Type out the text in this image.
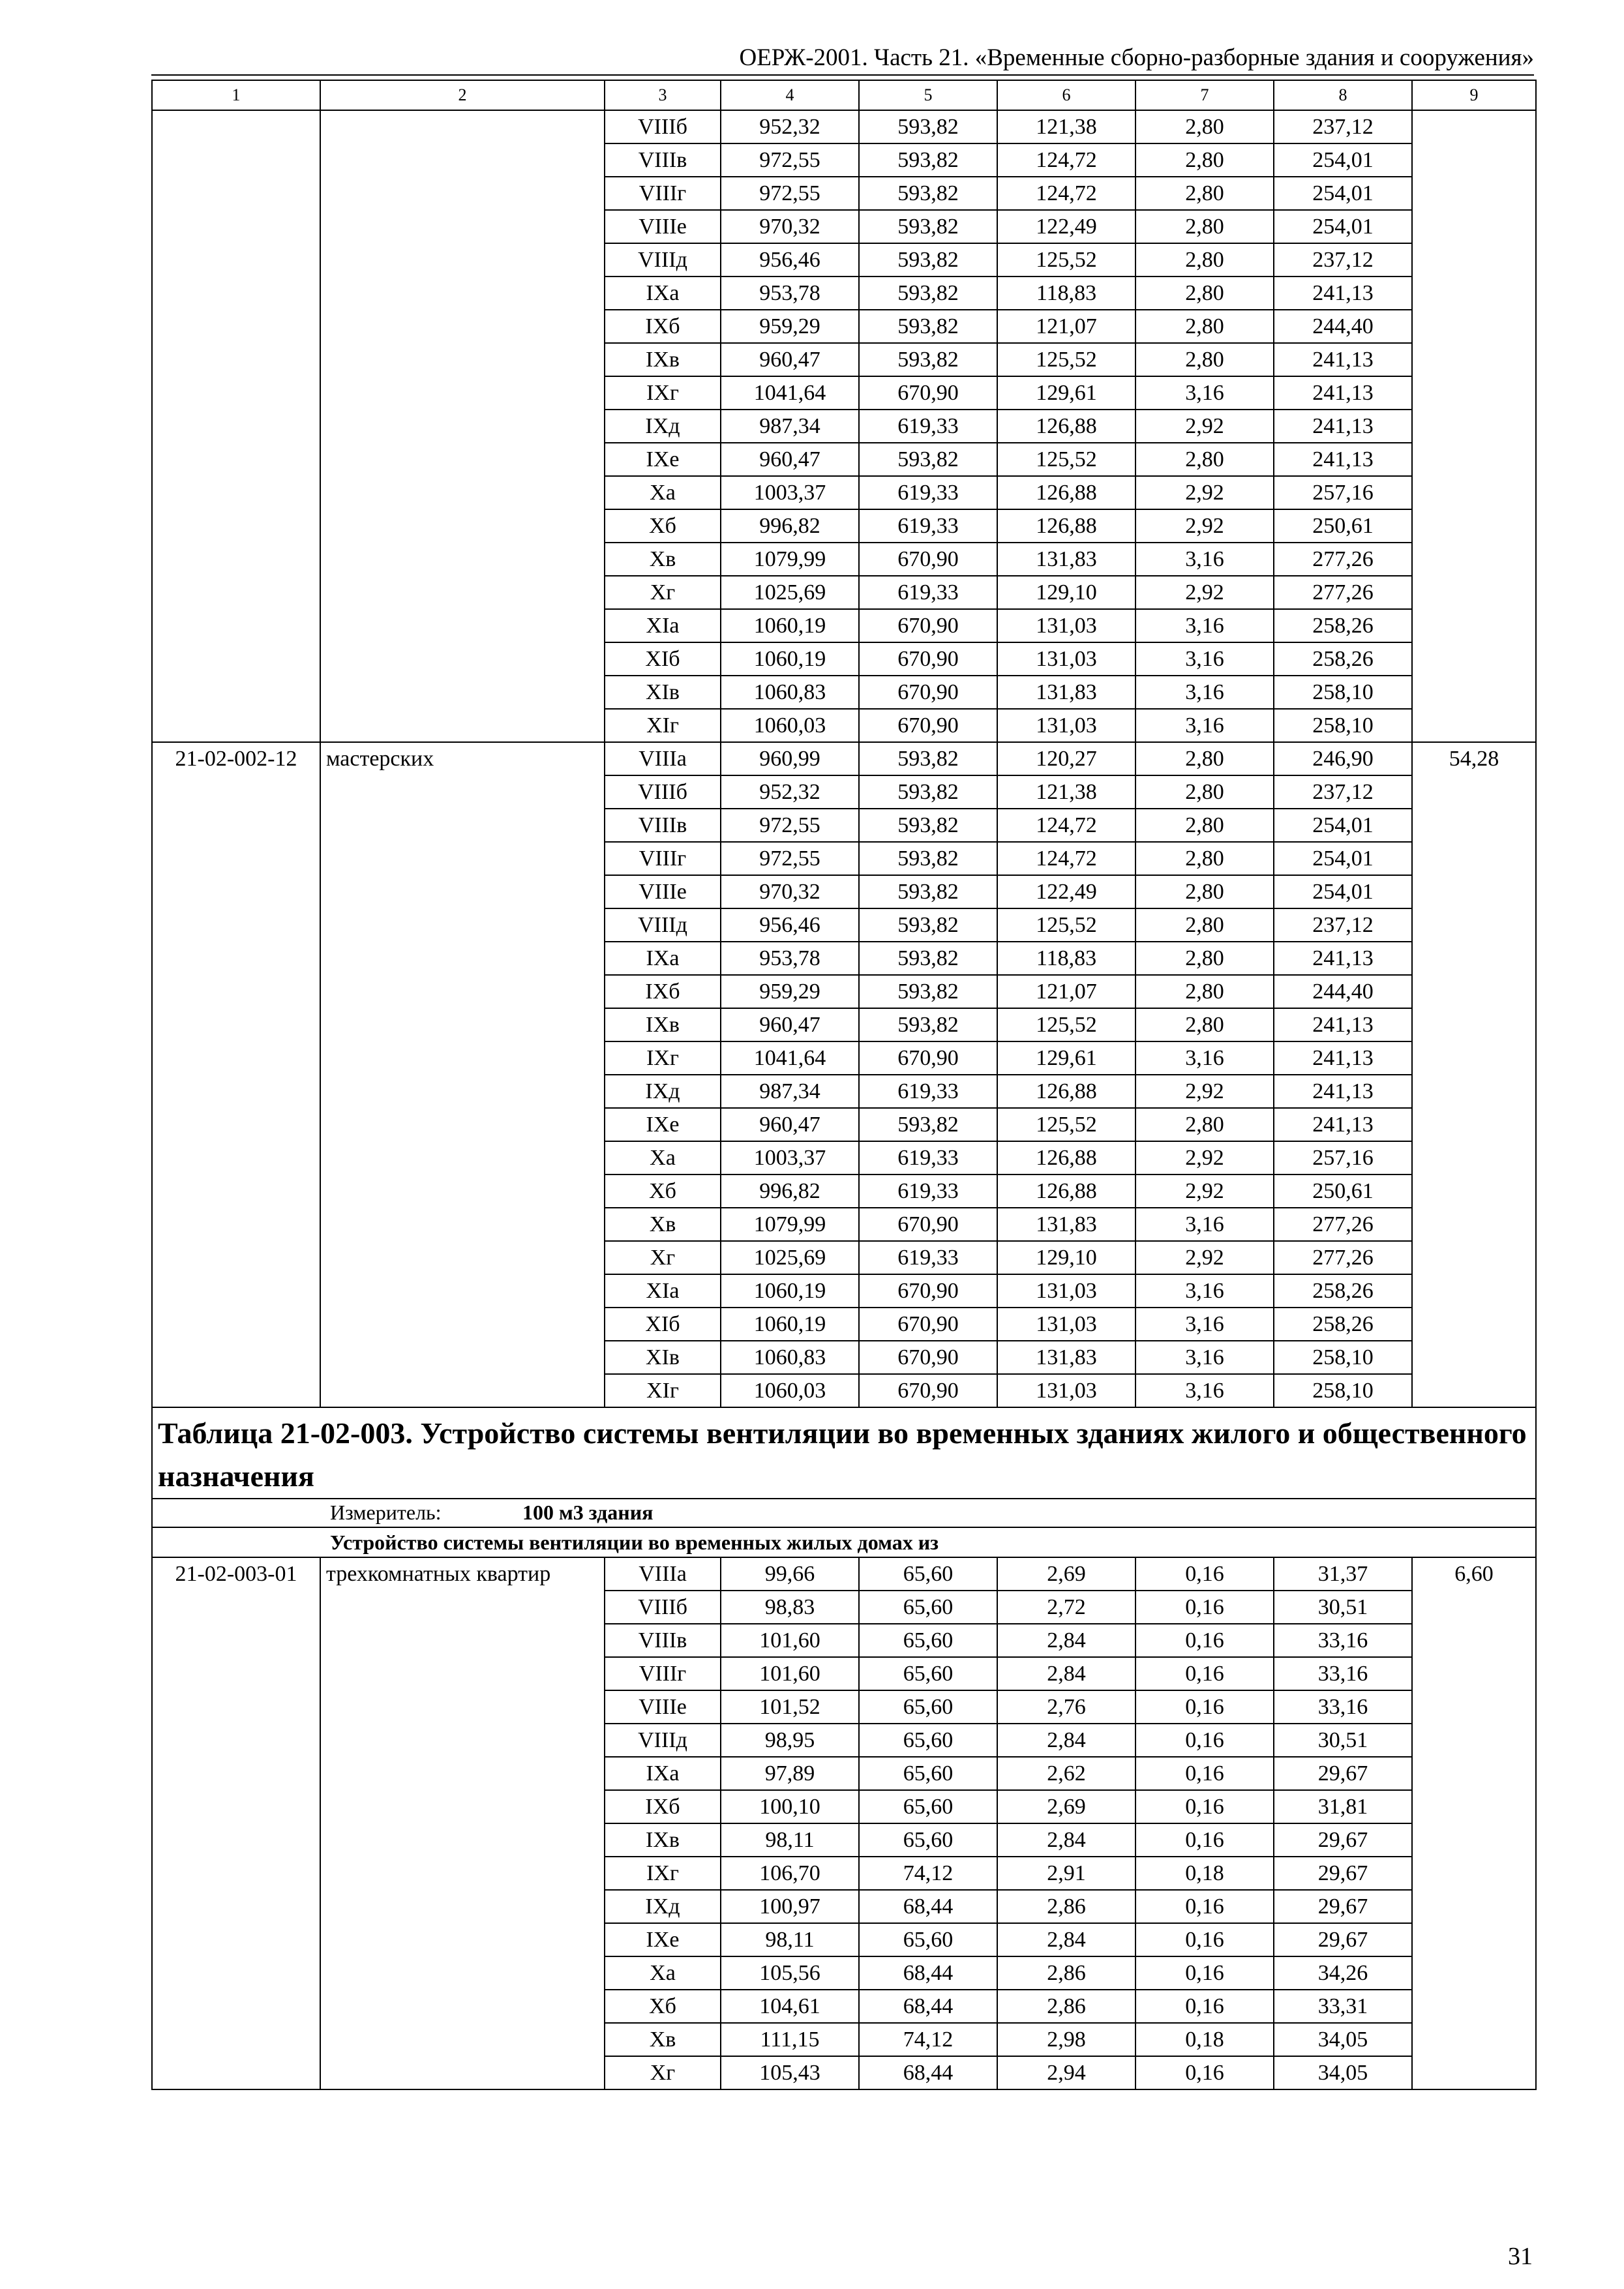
ОЕРЖ-2001. Часть 21. «Временные сборно-разборные здания и сооружения»
1	2	3	4	5	6	7	8	9
		VIIIб	952,32	593,82	121,38	2,80	237,12	
		VIIIв	972,55	593,82	124,72	2,80	254,01	
		VIIIг	972,55	593,82	124,72	2,80	254,01	
		VIIIe	970,32	593,82	122,49	2,80	254,01	
		VIIIд	956,46	593,82	125,52	2,80	237,12	
		IXa	953,78	593,82	118,83	2,80	241,13	
		IXб	959,29	593,82	121,07	2,80	244,40	
		IXв	960,47	593,82	125,52	2,80	241,13	
		IXг	1041,64	670,90	129,61	3,16	241,13	
		IXд	987,34	619,33	126,88	2,92	241,13	
		IXe	960,47	593,82	125,52	2,80	241,13	
		Xa	1003,37	619,33	126,88	2,92	257,16	
		Xб	996,82	619,33	126,88	2,92	250,61	
		Xв	1079,99	670,90	131,83	3,16	277,26	
		Xг	1025,69	619,33	129,10	2,92	277,26	
		XIa	1060,19	670,90	131,03	3,16	258,26	
		XIб	1060,19	670,90	131,03	3,16	258,26	
		XIв	1060,83	670,90	131,83	3,16	258,10	
		XIг	1060,03	670,90	131,03	3,16	258,10	
21-02-002-12	мастерских	VIIIa	960,99	593,82	120,27	2,80	246,90	54,28
		VIIIб	952,32	593,82	121,38	2,80	237,12	
		VIIIв	972,55	593,82	124,72	2,80	254,01	
		VIIIг	972,55	593,82	124,72	2,80	254,01	
		VIIIe	970,32	593,82	122,49	2,80	254,01	
		VIIIд	956,46	593,82	125,52	2,80	237,12	
		IXa	953,78	593,82	118,83	2,80	241,13	
		IXб	959,29	593,82	121,07	2,80	244,40	
		IXв	960,47	593,82	125,52	2,80	241,13	
		IXг	1041,64	670,90	129,61	3,16	241,13	
		IXд	987,34	619,33	126,88	2,92	241,13	
		IXe	960,47	593,82	125,52	2,80	241,13	
		Xa	1003,37	619,33	126,88	2,92	257,16	
		Xб	996,82	619,33	126,88	2,92	250,61	
		Xв	1079,99	670,90	131,83	3,16	277,26	
		Xг	1025,69	619,33	129,10	2,92	277,26	
		XIa	1060,19	670,90	131,03	3,16	258,26	
		XIб	1060,19	670,90	131,03	3,16	258,26	
		XIв	1060,83	670,90	131,83	3,16	258,10	
		XIг	1060,03	670,90	131,03	3,16	258,10	
Таблица 21-02-003. Устройство системы вентиляции во временных зданиях жилого и общественного назначения								
Измеритель: 100 м3 здания								
Устройство системы вентиляции во временных жилых домах из								
21-02-003-01	трехкомнатных квартир	VIIIa	99,66	65,60	2,69	0,16	31,37	6,60
		VIIIб	98,83	65,60	2,72	0,16	30,51	
		VIIIв	101,60	65,60	2,84	0,16	33,16	
		VIIIг	101,60	65,60	2,84	0,16	33,16	
		VIIIe	101,52	65,60	2,76	0,16	33,16	
		VIIIд	98,95	65,60	2,84	0,16	30,51	
		IXa	97,89	65,60	2,62	0,16	29,67	
		IXб	100,10	65,60	2,69	0,16	31,81	
		IXв	98,11	65,60	2,84	0,16	29,67	
		IXг	106,70	74,12	2,91	0,18	29,67	
		IXд	100,97	68,44	2,86	0,16	29,67	
		IXe	98,11	65,60	2,84	0,16	29,67	
		Xa	105,56	68,44	2,86	0,16	34,26	
		Xб	104,61	68,44	2,86	0,16	33,31	
		Xв	111,15	74,12	2,98	0,18	34,05	
		Xг	105,43	68,44	2,94	0,16	34,05	
31
